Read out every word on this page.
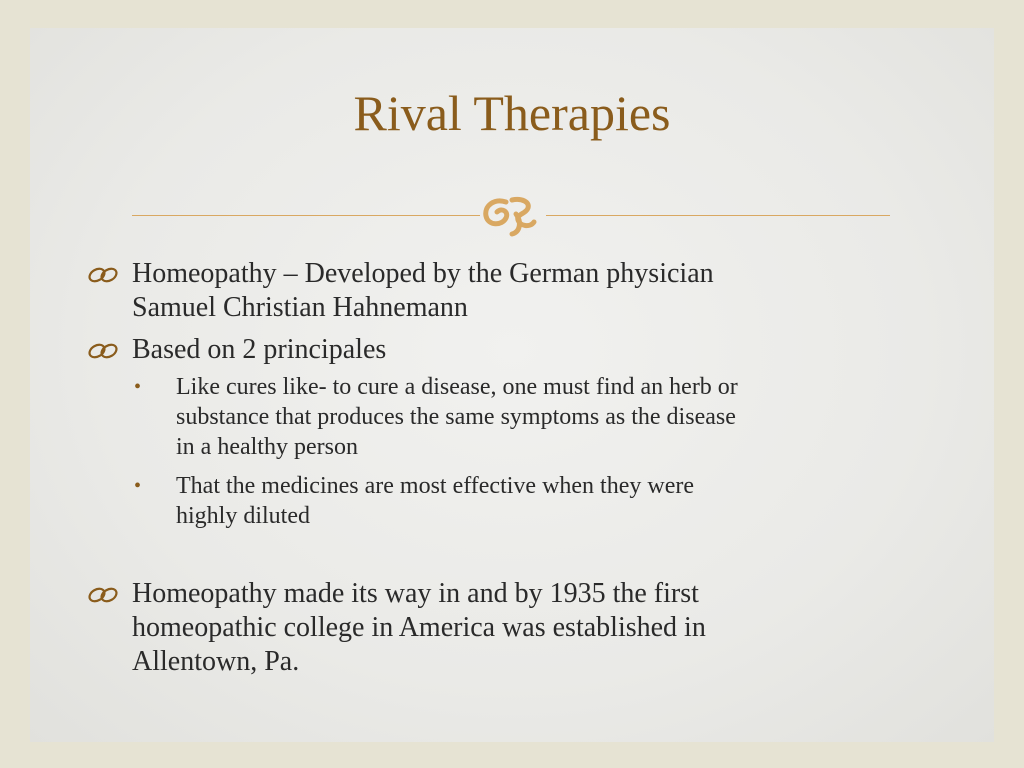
Rival Therapies
Homeopathy – Developed by the German physician
Samuel Christian Hahnemann
Based on 2 principales
• Like cures like- to cure a disease, one must find an herb or
substance that produces the same symptoms as the disease
in a healthy person
• That the medicines are most effective when they were
highly diluted
Homeopathy made its way in and by 1935 the first
homeopathic college in America was established in
Allentown, Pa.
